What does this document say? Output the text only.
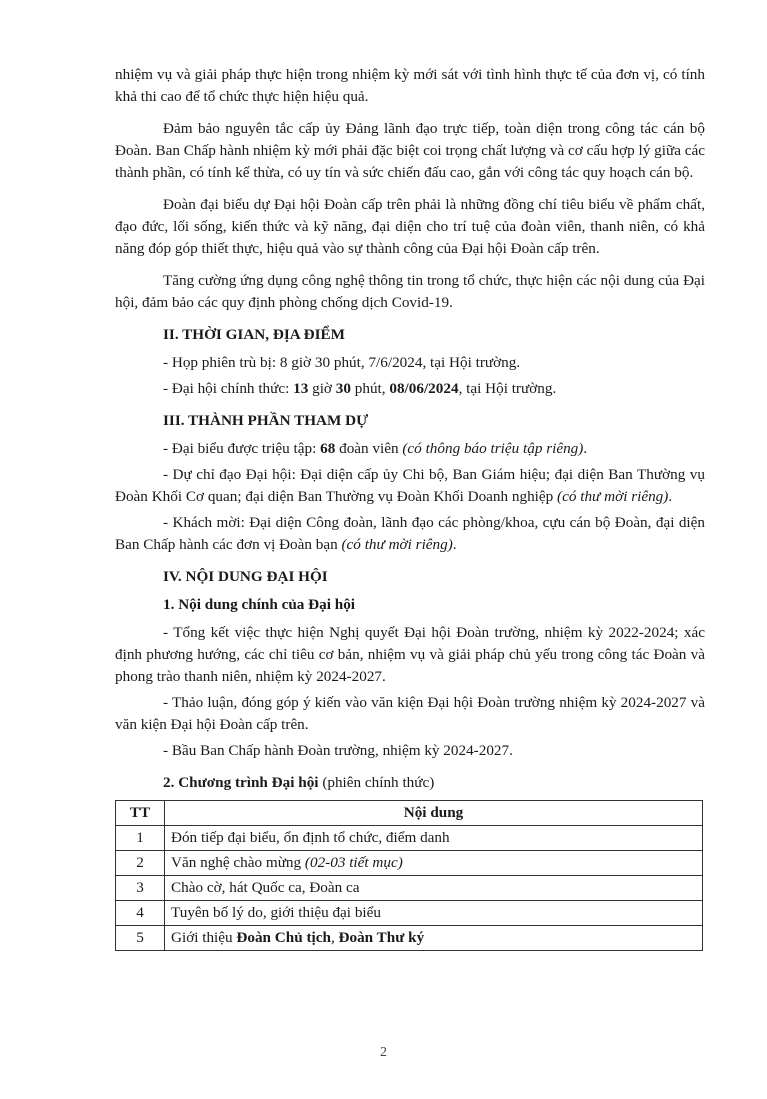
nhiệm vụ và giải pháp thực hiện trong nhiệm kỳ mới sát với tình hình thực tế của đơn vị, có tính khả thi cao để tổ chức thực hiện hiệu quả.

Đảm bảo nguyên tắc cấp ủy Đảng lãnh đạo trực tiếp, toàn diện trong công tác cán bộ Đoàn. Ban Chấp hành nhiệm kỳ mới phải đặc biệt coi trọng chất lượng và cơ cấu hợp lý giữa các thành phần, có tính kế thừa, có uy tín và sức chiến đấu cao, gắn với công tác quy hoạch cán bộ.

Đoàn đại biểu dự Đại hội Đoàn cấp trên phải là những đồng chí tiêu biểu về phẩm chất, đạo đức, lối sống, kiến thức và kỹ năng, đại diện cho trí tuệ của đoàn viên, thanh niên, có khả năng đóp góp thiết thực, hiệu quả vào sự thành công của Đại hội Đoàn cấp trên.

Tăng cường ứng dụng công nghệ thông tin trong tổ chức, thực hiện các nội dung của Đại hội, đảm bảo các quy định phòng chống dịch Covid-19.

II. THỜI GIAN, ĐỊA ĐIỂM

- Họp phiên trù bị: 8 giờ 30 phút, 7/6/2024, tại Hội trường.

- Đại hội chính thức: 13 giờ 30 phút, 08/06/2024, tại Hội trường.

III. THÀNH PHẦN THAM DỰ

- Đại biểu được triệu tập: 68 đoàn viên (có thông báo triệu tập riêng).

- Dự chỉ đạo Đại hội: Đại diện cấp ủy Chi bộ, Ban Giám hiệu; đại diện Ban Thường vụ Đoàn Khối Cơ quan; đại diện Ban Thường vụ Đoàn Khối Doanh nghiệp (có thư mời riêng).

- Khách mời: Đại diện Công đoàn, lãnh đạo các phòng/khoa, cựu cán bộ Đoàn, đại diện Ban Chấp hành các đơn vị Đoàn bạn (có thư mời riêng).

IV. NỘI DUNG ĐẠI HỘI

1. Nội dung chính của Đại hội

- Tổng kết việc thực hiện Nghị quyết Đại hội Đoàn trường, nhiệm kỳ 2022-2024; xác định phương hướng, các chỉ tiêu cơ bản, nhiệm vụ và giải pháp chủ yếu trong công tác Đoàn và phong trào thanh niên, nhiệm kỳ 2024-2027.

- Thảo luận, đóng góp ý kiến vào văn kiện Đại hội Đoàn trường nhiệm kỳ 2024-2027 và văn kiện Đại hội Đoàn cấp trên.

- Bầu Ban Chấp hành Đoàn trường, nhiệm kỳ 2024-2027.

2. Chương trình Đại hội (phiên chính thức)

TT	Nội dung
1	Đón tiếp đại biểu, ổn định tổ chức, điểm danh
2	Văn nghệ chào mừng (02-03 tiết mục)
3	Chào cờ, hát Quốc ca, Đoàn ca
4	Tuyên bố lý do, giới thiệu đại biểu
5	Giới thiệu Đoàn Chủ tịch, Đoàn Thư ký
2
